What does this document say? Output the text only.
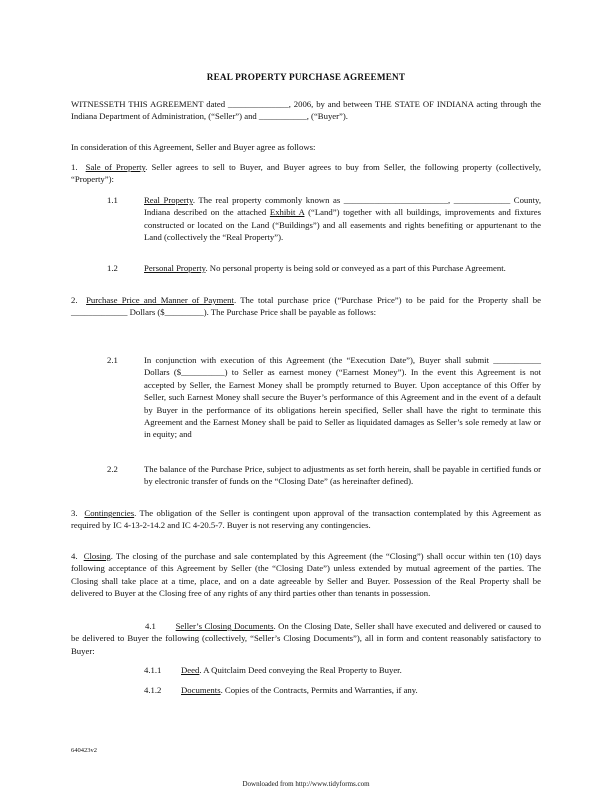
REAL PROPERTY PURCHASE AGREEMENT
WITNESSETH THIS AGREEMENT dated ______________, 2006, by and between THE STATE OF INDIANA acting through the Indiana Department of Administration, (“Seller”) and ___________, (“Buyer”).
In consideration of this Agreement, Seller and Buyer agree as follows:
1. Sale of Property. Seller agrees to sell to Buyer, and Buyer agrees to buy from Seller, the following property (collectively, “Property”):
1.1	Real Property. The real property commonly known as ________________________, _____________ County, Indiana described on the attached Exhibit A (“Land”) together with all buildings, improvements and fixtures constructed or located on the Land (“Buildings”) and all easements and rights benefiting or appurtenant to the Land (collectively the “Real Property”).
1.2	Personal Property. No personal property is being sold or conveyed as a part of this Purchase Agreement.
2. Purchase Price and Manner of Payment. The total purchase price (“Purchase Price”) to be paid for the Property shall be _____________ Dollars ($_________). The Purchase Price shall be payable as follows:
2.1	In conjunction with execution of this Agreement (the “Execution Date”), Buyer shall submit ___________ Dollars ($__________) to Seller as earnest money (“Earnest Money”). In the event this Agreement is not accepted by Seller, the Earnest Money shall be promptly returned to Buyer. Upon acceptance of this Offer by Seller, such Earnest Money shall secure the Buyer’s performance of this Agreement and in the event of a default by Buyer in the performance of its obligations herein specified, Seller shall have the right to terminate this Agreement and the Earnest Money shall be paid to Seller as liquidated damages as Seller’s sole remedy at law or in equity; and
2.2	The balance of the Purchase Price, subject to adjustments as set forth herein, shall be payable in certified funds or by electronic transfer of funds on the “Closing Date” (as hereinafter defined).
3. Contingencies. The obligation of the Seller is contingent upon approval of the transaction contemplated by this Agreement as required by IC 4-13-2-14.2 and IC 4-20.5-7. Buyer is not reserving any contingencies.
4. Closing. The closing of the purchase and sale contemplated by this Agreement (the “Closing”) shall occur within ten (10) days following acceptance of this Agreement by Seller (the “Closing Date”) unless extended by mutual agreement of the parties. The Closing shall take place at a time, place, and on a date agreeable by Seller and Buyer. Possession of the Real Property shall be delivered to Buyer at the Closing free of any rights of any third parties other than tenants in possession.
4.1 Seller’s Closing Documents. On the Closing Date, Seller shall have executed and delivered or caused to be delivered to Buyer the following (collectively, “Seller’s Closing Documents”), all in form and content reasonably satisfactory to Buyer:
4.1.1 Deed. A Quitclaim Deed conveying the Real Property to Buyer.
4.1.2 Documents. Copies of the Contracts, Permits and Warranties, if any.
640423v2
Downloaded from http://www.tidyforms.com
